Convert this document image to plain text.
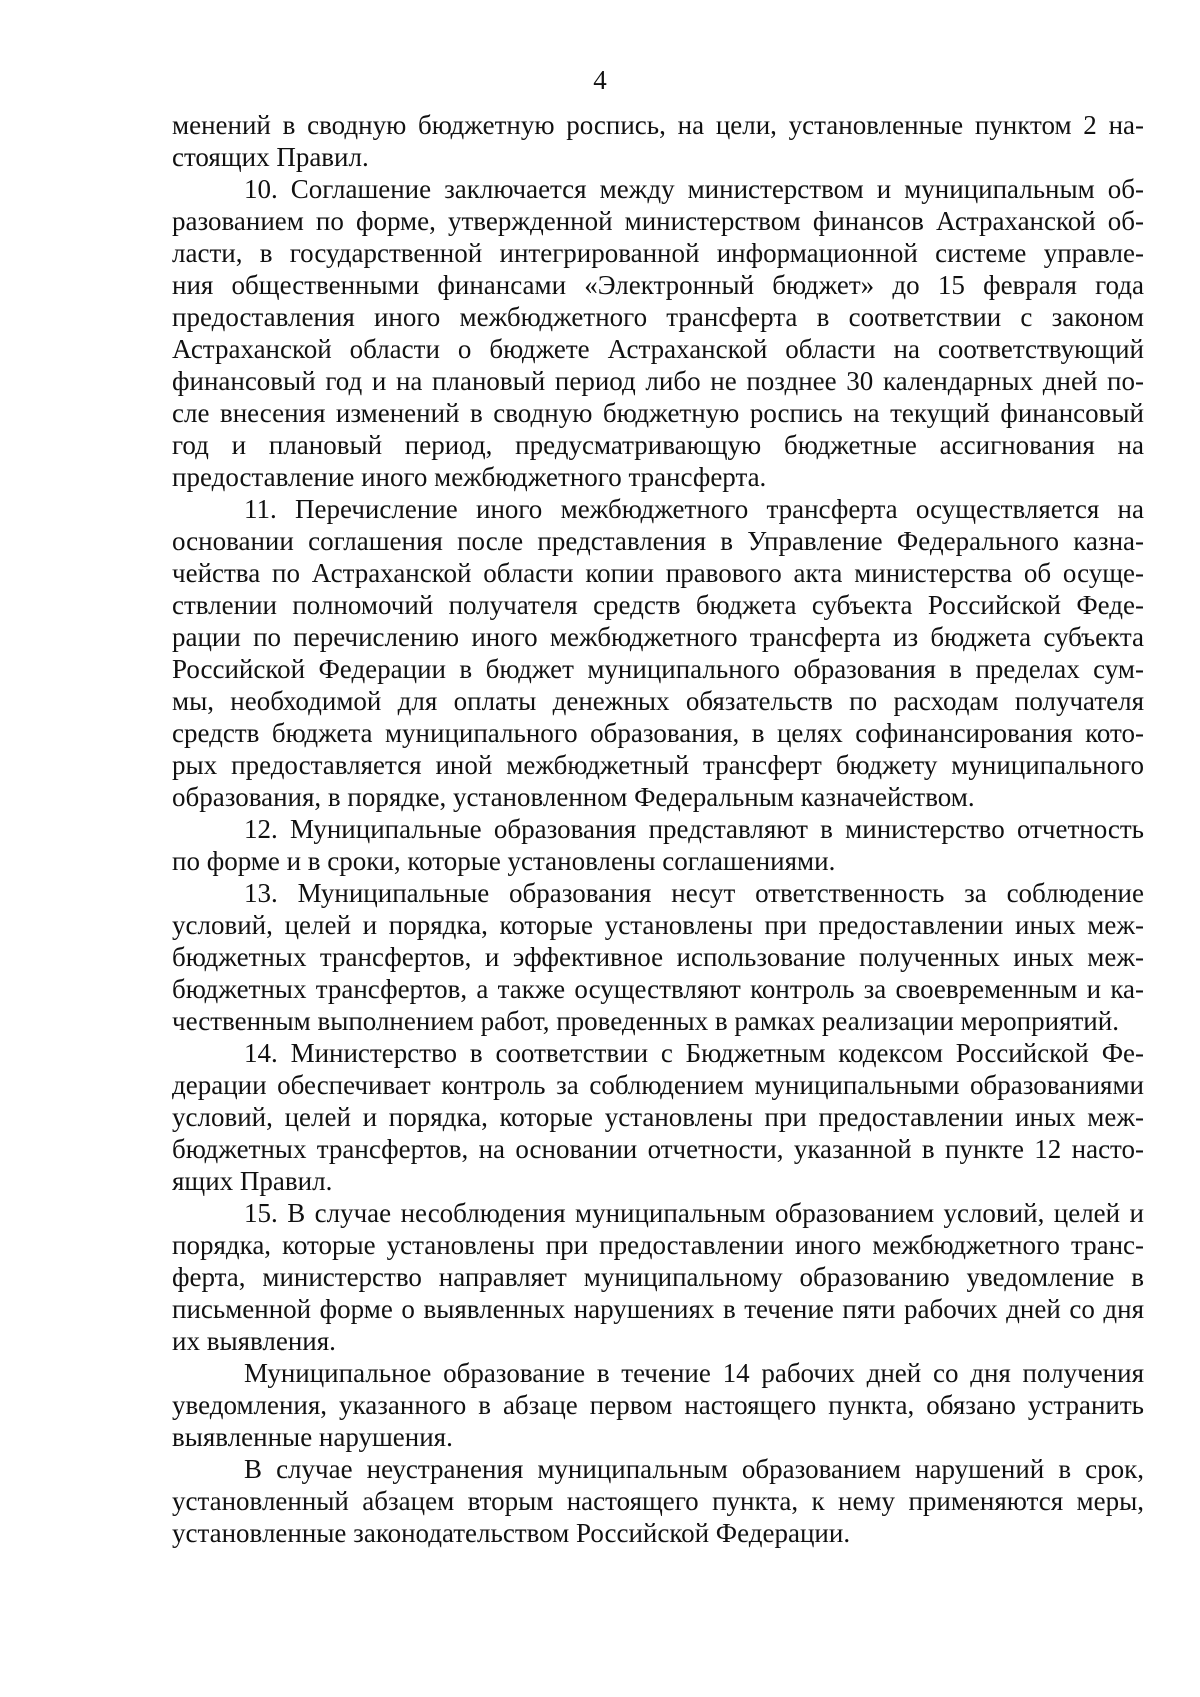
4

менений в сводную бюджетную роспись, на цели, установленные пунктом 2 на-
стоящих Правил.

10. Соглашение заключается между министерством и муниципальным об-
разованием по форме, утвержденной министерством финансов Астраханской об-
ласти, в государственной интегрированной информационной системе управле-
ния общественными финансами «Электронный бюджет» до 15 февраля года
предоставления иного межбюджетного трансферта в соответствии с законом
Астраханской области о бюджете Астраханской области на соответствующий
финансовый год и на плановый период либо не позднее 30 календарных дней по-
сле внесения изменений в сводную бюджетную роспись на текущий финансовый
год и плановый период, предусматривающую бюджетные ассигнования на
предоставление иного межбюджетного трансферта.

11. Перечисление иного межбюджетного трансферта осуществляется на
основании соглашения после представления в Управление Федерального казна-
чейства по Астраханской области копии правового акта министерства об осуще-
ствлении полномочий получателя средств бюджета субъекта Российской Феде-
рации по перечислению иного межбюджетного трансферта из бюджета субъекта
Российской Федерации в бюджет муниципального образования в пределах сум-
мы, необходимой для оплаты денежных обязательств по расходам получателя
средств бюджета муниципального образования, в целях софинансирования кото-
рых предоставляется иной межбюджетный трансферт бюджету муниципального
образования, в порядке, установленном Федеральным казначейством.

12. Муниципальные образования представляют в министерство отчетность
по форме и в сроки, которые установлены соглашениями.

13. Муниципальные образования несут ответственность за соблюдение
условий, целей и порядка, которые установлены при предоставлении иных меж-
бюджетных трансфертов, и эффективное использование полученных иных меж-
бюджетных трансфертов, а также осуществляют контроль за своевременным и ка-
чественным выполнением работ, проведенных в рамках реализации мероприятий.

14. Министерство в соответствии с Бюджетным кодексом Российской Фе-
дерации обеспечивает контроль за соблюдением муниципальными образованиями
условий, целей и порядка, которые установлены при предоставлении иных меж-
бюджетных трансфертов, на основании отчетности, указанной в пункте 12 насто-
ящих Правил.

15. В случае несоблюдения муниципальным образованием условий, целей и
порядка, которые установлены при предоставлении иного межбюджетного транс-
ферта, министерство направляет муниципальному образованию уведомление в
письменной форме о выявленных нарушениях в течение пяти рабочих дней со дня
их выявления.

Муниципальное образование в течение 14 рабочих дней со дня получения
уведомления, указанного в абзаце первом настоящего пункта, обязано устранить
выявленные нарушения.

В случае неустранения муниципальным образованием нарушений в срок,
установленный абзацем вторым настоящего пункта, к нему применяются меры,
установленные законодательством Российской Федерации.
